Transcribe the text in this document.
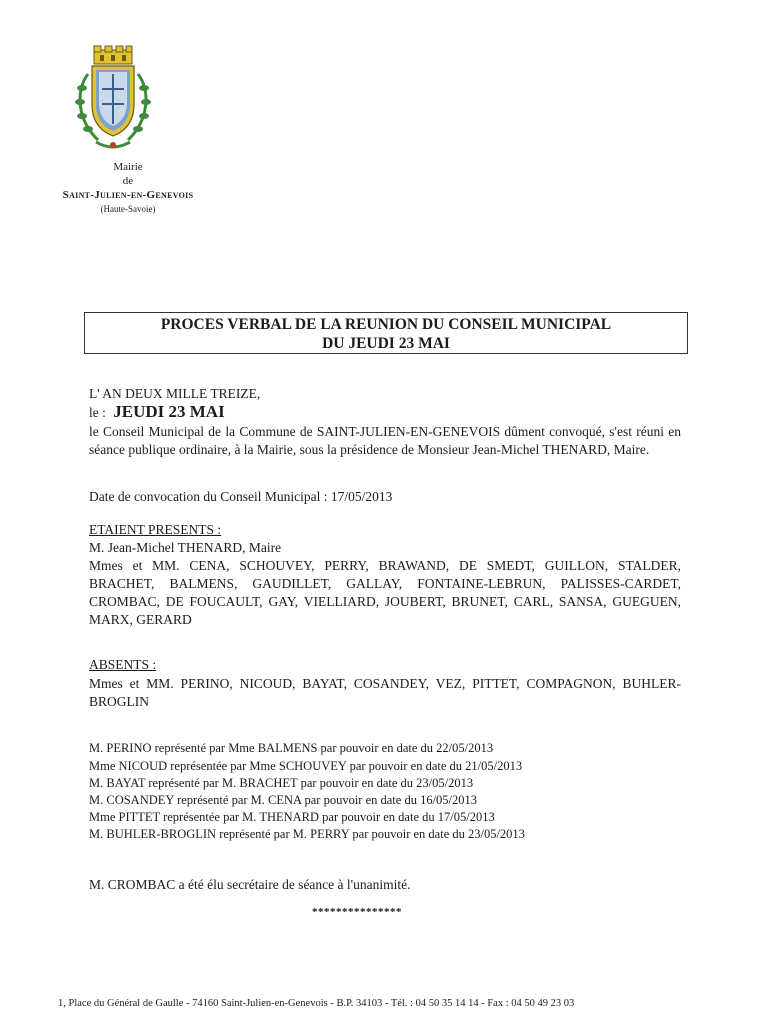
Mairie
de
Saint-Julien-en-Genevois
(Haute-Savoie)
PROCES VERBAL DE LA REUNION DU CONSEIL MUNICIPAL
DU JEUDI 23 MAI
L' AN DEUX MILLE TREIZE,
le : JEUDI 23 MAI
le Conseil Municipal de la Commune de SAINT-JULIEN-EN-GENEVOIS dûment convoqué, s'est réuni en séance publique ordinaire, à la Mairie, sous la présidence de Monsieur Jean-Michel THENARD, Maire.
Date de convocation du Conseil Municipal : 17/05/2013
ETAIENT PRESENTS :
M. Jean-Michel THENARD, Maire
Mmes et MM. CENA, SCHOUVEY, PERRY, BRAWAND, DE SMEDT, GUILLON, STALDER, BRACHET, BALMENS, GAUDILLET, GALLAY, FONTAINE-LEBRUN, PALISSES-CARDET, CROMBAC, DE FOUCAULT, GAY, VIELLIARD, JOUBERT, BRUNET, CARL, SANSA, GUEGUEN, MARX, GERARD
ABSENTS :
Mmes et MM. PERINO, NICOUD, BAYAT, COSANDEY, VEZ, PITTET, COMPAGNON, BUHLER-BROGLIN
M. PERINO représenté par Mme BALMENS par pouvoir en date du 22/05/2013
Mme NICOUD représentée par Mme SCHOUVEY par pouvoir en date du 21/05/2013
M. BAYAT représenté par M. BRACHET par pouvoir en date du 23/05/2013
M. COSANDEY représenté par M. CENA par pouvoir en date du 16/05/2013
Mme PITTET représentée par M. THENARD par pouvoir en date du 17/05/2013
M. BUHLER-BROGLIN représenté par M. PERRY par pouvoir en date du 23/05/2013
M. CROMBAC a été élu secrétaire de séance à l'unanimité.
***************
1, Place du Général de Gaulle - 74160 Saint-Julien-en-Genevois - B.P. 34103 - Tél. : 04 50 35 14 14 - Fax : 04 50 49 23 03
